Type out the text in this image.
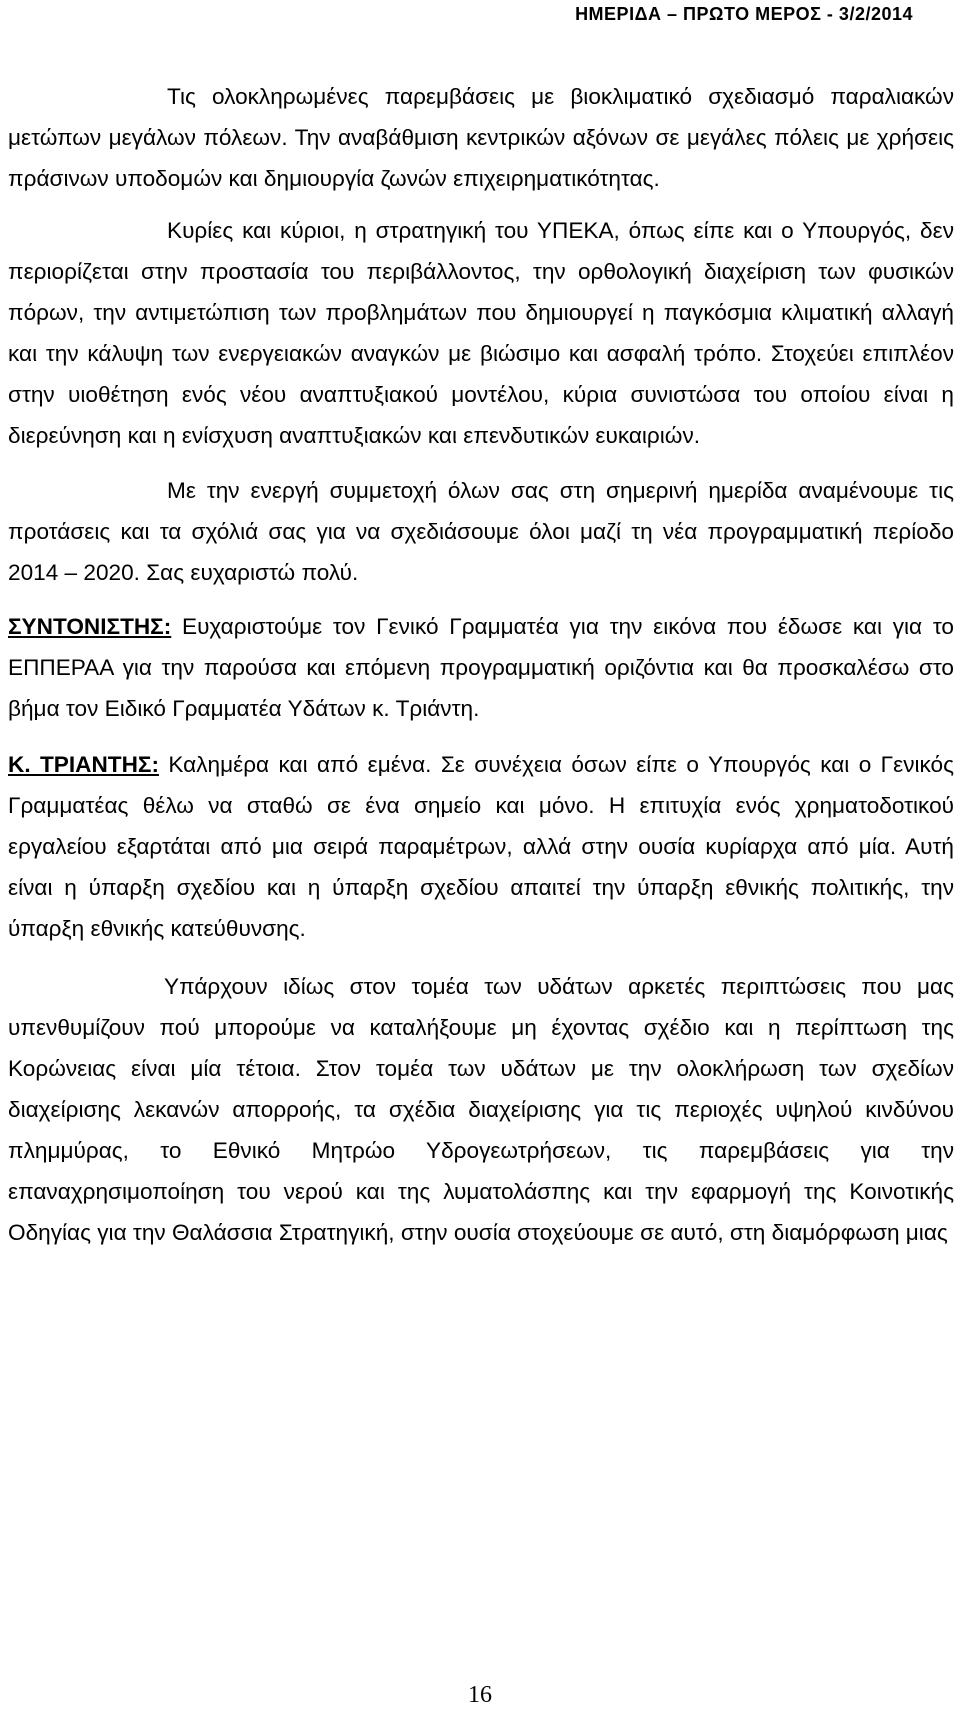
ΗΜΕΡΙΔΑ – ΠΡΩΤΟ ΜΕΡΟΣ - 3/2/2014

Τις ολοκληρωμένες παρεμβάσεις με βιοκλιματικό σχεδιασμό παραλιακών μετώπων μεγάλων πόλεων. Την αναβάθμιση κεντρικών αξόνων σε μεγάλες πόλεις με χρήσεις πράσινων υποδομών και δημιουργία ζωνών επιχειρηματικότητας.

Κυρίες και κύριοι, η στρατηγική του ΥΠΕΚΑ, όπως είπε και ο Υπουργός, δεν περιορίζεται στην προστασία του περιβάλλοντος, την ορθολογική διαχείριση των φυσικών πόρων, την αντιμετώπιση των προβλημάτων που δημιουργεί η παγκόσμια κλιματική αλλαγή και την κάλυψη των ενεργειακών αναγκών με βιώσιμο και ασφαλή τρόπο. Στοχεύει επιπλέον στην υιοθέτηση ενός νέου αναπτυξιακού μοντέλου, κύρια συνιστώσα του οποίου είναι η διερεύνηση και η ενίσχυση αναπτυξιακών και επενδυτικών ευκαιριών.

Με την ενεργή συμμετοχή όλων σας στη σημερινή ημερίδα αναμένουμε τις προτάσεις και τα σχόλιά σας για να σχεδιάσουμε όλοι μαζί τη νέα προγραμματική περίοδο 2014 – 2020. Σας ευχαριστώ πολύ.

ΣΥΝΤΟΝΙΣΤΗΣ: Ευχαριστούμε τον Γενικό Γραμματέα για την εικόνα που έδωσε και για το ΕΠΠΕΡΑΑ για την παρούσα και επόμενη προγραμματική οριζόντια και θα προσκαλέσω στο βήμα τον Ειδικό Γραμματέα Υδάτων κ. Τριάντη.

Κ. ΤΡΙΑΝΤΗΣ: Καλημέρα και από εμένα. Σε συνέχεια όσων είπε ο Υπουργός και ο Γενικός Γραμματέας θέλω να σταθώ σε ένα σημείο και μόνο. Η επιτυχία ενός χρηματοδοτικού εργαλείου εξαρτάται από μια σειρά παραμέτρων, αλλά στην ουσία κυρίαρχα από μία. Αυτή είναι η ύπαρξη σχεδίου και η ύπαρξη σχεδίου απαιτεί την ύπαρξη εθνικής πολιτικής, την ύπαρξη εθνικής κατεύθυνσης.

Υπάρχουν ιδίως στον τομέα των υδάτων αρκετές περιπτώσεις που μας υπενθυμίζουν πού μπορούμε να καταλήξουμε μη έχοντας σχέδιο και η περίπτωση της Κορώνειας είναι μία τέτοια. Στον τομέα των υδάτων με την ολοκλήρωση των σχεδίων διαχείρισης λεκανών απορροής, τα σχέδια διαχείρισης για τις περιοχές υψηλού κινδύνου πλημμύρας, το Εθνικό Μητρώο Υδρογεωτρήσεων, τις παρεμβάσεις για την επαναχρησιμοποίηση του νερού και της λυματολάσπης και την εφαρμογή της Κοινοτικής Οδηγίας για την Θαλάσσια Στρατηγική, στην ουσία στοχεύουμε σε αυτό, στη διαμόρφωση μιας

16
